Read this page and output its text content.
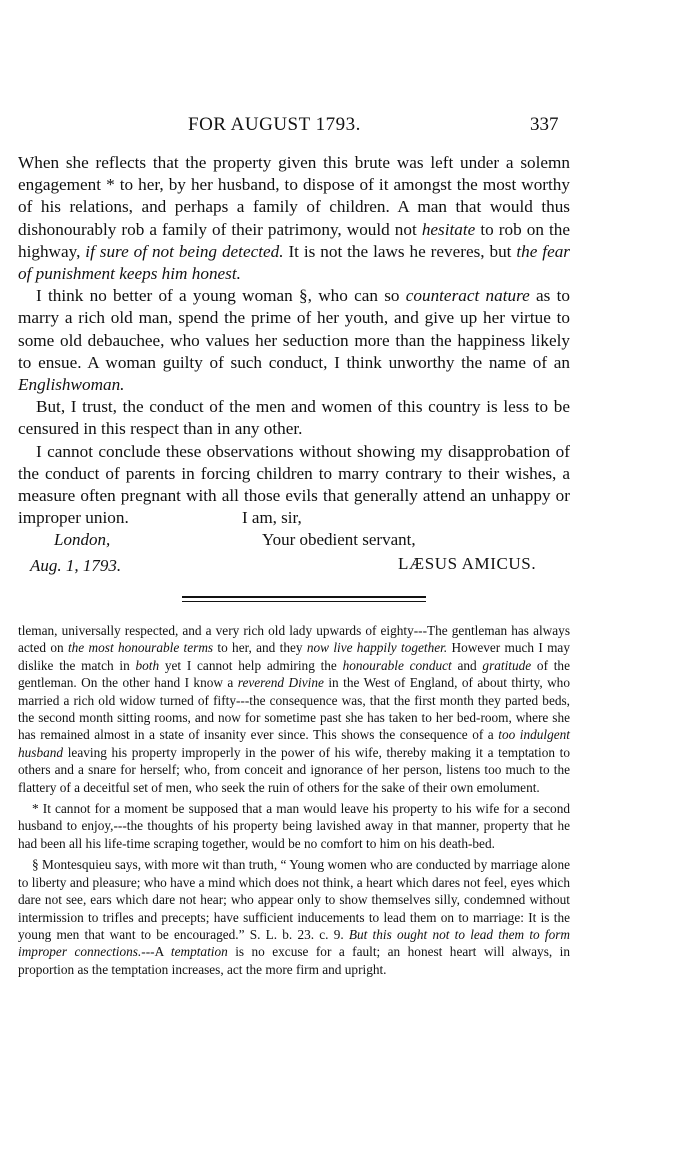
FOR AUGUST 1793.	337

When she reflects that the property given this brute was left under a solemn engagement * to her, by her husband, to dispose of it amongst the most worthy of his relations, and perhaps a family of children. A man that would thus dishonourably rob a family of their patrimony, would not hesitate to rob on the highway, if sure of not being detected. It is not the laws he reveres, but the fear of punishment keeps him honest.

I think no better of a young woman §, who can so counteract nature as to marry a rich old man, spend the prime of her youth, and give up her virtue to some old debauchee, who values her seduction more than the happiness likely to ensue. A woman guilty of such conduct, I think unworthy the name of an Englishwoman.

But, I trust, the conduct of the men and women of this country is less to be censured in this respect than in any other.

I cannot conclude these observations without showing my disapprobation of the conduct of parents in forcing children to marry contrary to their wishes, a measure often pregnant with all those evils that generally attend an unhappy or improper union.	I am, sir,
Your obedient servant,
London,
Aug. 1, 1793.	LÆSUS AMICUS.

tleman, universally respected, and a very rich old lady upwards of eighty---The gentleman has always acted on the most honourable terms to her, and they now live happily together. However much I may dislike the match in both yet I cannot help admiring the honourable conduct and gratitude of the gentleman. On the other hand I know a reverend Divine in the West of England, of about thirty, who married a rich old widow turned of fifty---the consequence was, that the first month they parted beds, the second month sitting rooms, and now for sometime past she has taken to her bed-room, where she has remained almost in a state of insanity ever since. This shows the consequence of a too indulgent husband leaving his property improperly in the power of his wife, thereby making it a temptation to others and a snare for herself; who, from conceit and ignorance of her person, listens too much to the flattery of a deceitful set of men, who seek the ruin of others for the sake of their own emolument.

* It cannot for a moment be supposed that a man would leave his property to his wife for a second husband to enjoy,---the thoughts of his property being lavished away in that manner, property that he had been all his life-time scraping together, would be no comfort to him on his death-bed.

§ Montesquieu says, with more wit than truth, “ Young women who are conducted by marriage alone to liberty and pleasure; who have a mind which does not think, a heart which dares not feel, eyes which dare not see, ears which dare not hear; who appear only to show themselves silly, condemned without intermission to trifles and precepts; have sufficient inducements to lead them on to marriage: It is the young men that want to be encouraged.” S. L. b. 23. c. 9. But this ought not to lead them to form improper connections.---A temptation is no excuse for a fault; an honest heart will always, in proportion as the temptation increases, act the more firm and upright.
